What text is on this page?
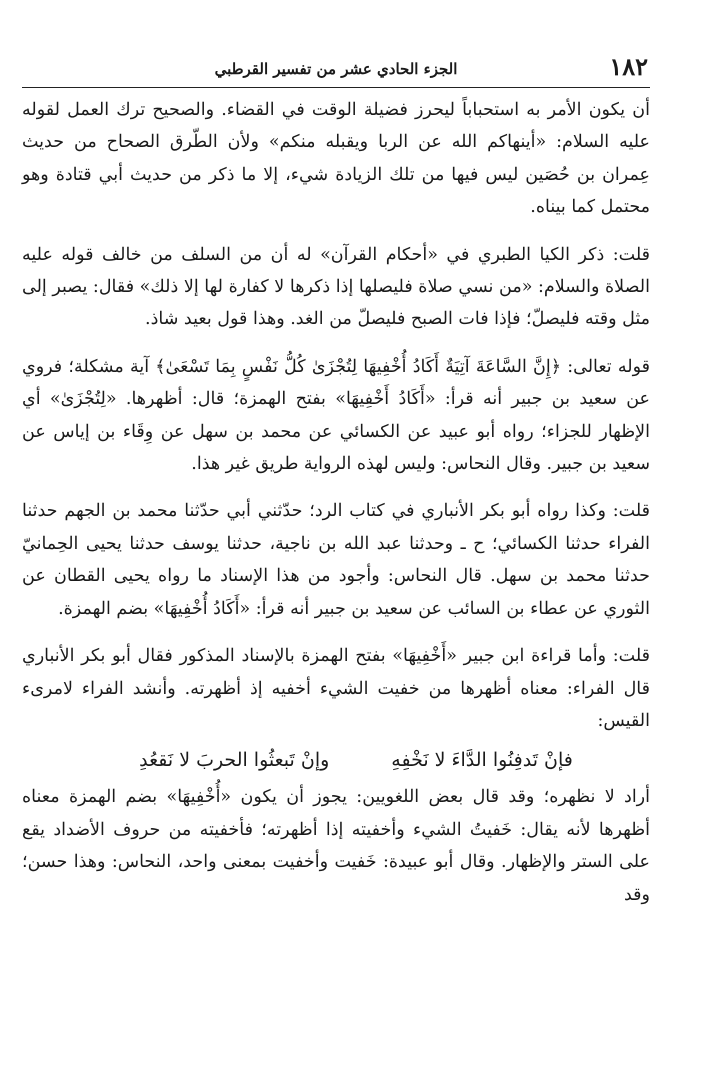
١٨٢
الجزء الحادي عشر من تفسير القرطبي

أن يكون الأمر به استحباباً ليحرز فضيلة الوقت في القضاء. والصحيح ترك العمل لقوله عليه السلام: «أينهاكم الله عن الربا ويقبله منكم» ولأن الطّرق الصحاح من حديث عِمران بن حُصَين ليس فيها من تلك الزيادة شيء، إلا ما ذكر من حديث أبي قتادة وهو محتمل كما بيناه.

قلت: ذكر الكيا الطبري في «أحكام القرآن» له أن من السلف من خالف قوله عليه الصلاة والسلام: «من نسي صلاة فليصلها إذا ذكرها لا كفارة لها إلا ذلك» فقال: يصبر إلى مثل وقته فليصلّ؛ فإذا فات الصبح فليصلّ من الغد. وهذا قول بعيد شاذ.

قوله تعالى: ﴿إِنَّ السَّاعَةَ آتِيَةٌ أَكَادُ أُخْفِيهَا لِتُجْزَىٰ كُلُّ نَفْسٍ بِمَا تَسْعَىٰ﴾ آية مشكلة؛ فروي عن سعيد بن جبير أنه قرأ: «أَكَادُ أَخْفِيهَا» بفتح الهمزة؛ قال: أظهرها. «لِتُجْزَىٰ» أي الإظهار للجزاء؛ رواه أبو عبيد عن الكسائي عن محمد بن سهل عن وِقَاء بن إياس عن سعيد بن جبير. وقال النحاس: وليس لهذه الرواية طريق غير هذا.

قلت: وكذا رواه أبو بكر الأنباري في كتاب الرد؛ حدّثني أبي حدّثنا محمد بن الجهم حدثنا الفراء حدثنا الكسائي؛ ح ـ وحدثنا عبد الله بن ناجية، حدثنا يوسف حدثنا يحيى الحِمانيّ حدثنا محمد بن سهل. قال النحاس: وأجود من هذا الإسناد ما رواه يحيى القطان عن الثوري عن عطاء بن السائب عن سعيد بن جبير أنه قرأ: «أَكَادُ أُخْفِيهَا» بضم الهمزة.

قلت: وأما قراءة ابن جبير «أَخْفِيهَا» بفتح الهمزة بالإسناد المذكور فقال أبو بكر الأنباري قال الفراء: معناه أظهرها من خفيت الشيء أخفيه إذ أظهرته. وأنشد الفراء لامرىء القيس:

فإنْ تَدفِنُوا الدَّاءَ لا نَخْفِهِ
وإنْ تَبعثُوا الحربَ لا نَقعُدِ

أراد لا نظهره؛ وقد قال بعض اللغويين: يجوز أن يكون «أُخْفِيهَا» بضم الهمزة معناه أظهرها لأنه يقال: خَفيتُ الشيء وأخفيته إذا أظهرته؛ فأخفيته من حروف الأضداد يقع على الستر والإظهار. وقال أبو عبيدة: خَفيت وأخفيت بمعنى واحد، النحاس: وهذا حسن؛ وقد
